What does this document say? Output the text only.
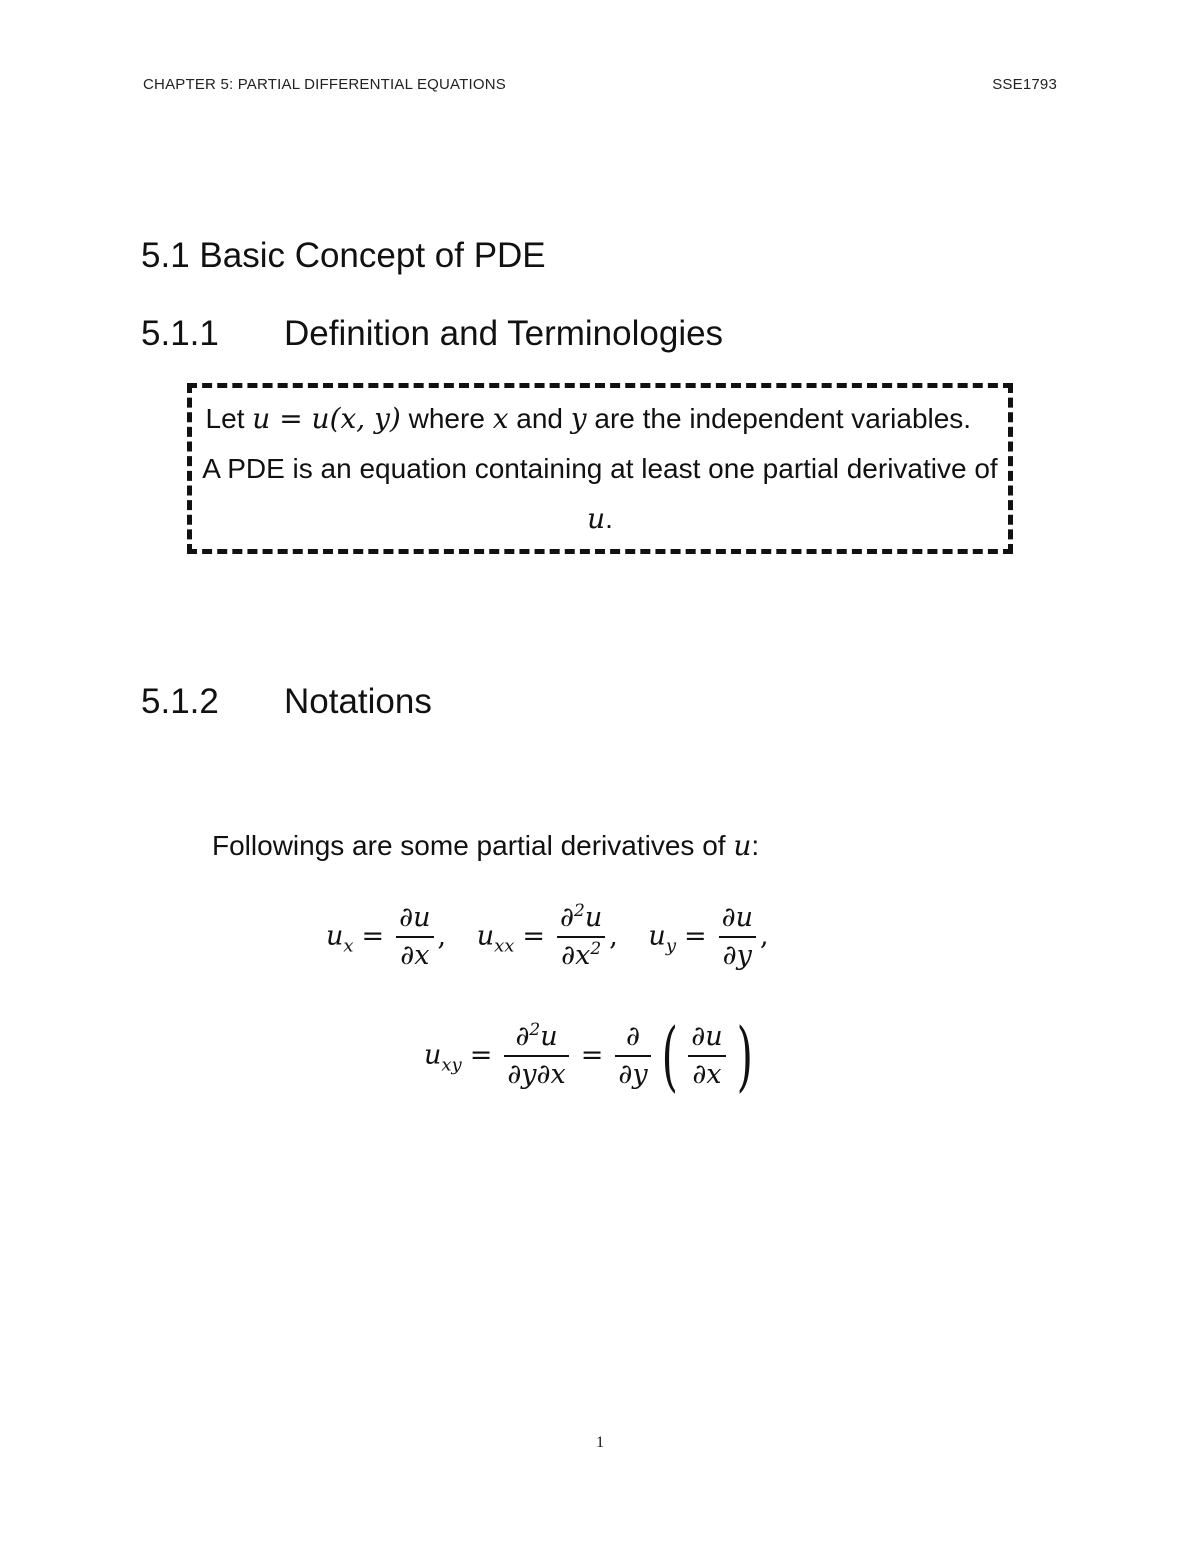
CHAPTER 5: PARTIAL DIFFERENTIAL EQUATIONS	SSE1793
5.1 Basic Concept of PDE
5.1.1 Definition and Terminologies
Let u = u(x, y) where x and y are the independent variables.    A PDE is an equation containing at least one partial derivative of u.
5.1.2 Notations
Followings are some partial derivatives of u:
$u_x = \frac{\partial u}{\partial x}$ , $u_{xx} = \frac{\partial^2u}{\partial x^2}$ , $u_y = \frac{\partial u}{\partial y}$ ,
$u_{xy} = \frac{\partial^2u}{\partial y\partial x} = \frac{\partial}{\partial y}$ ( $\frac{\partial u}{\partial x}$ )
1
